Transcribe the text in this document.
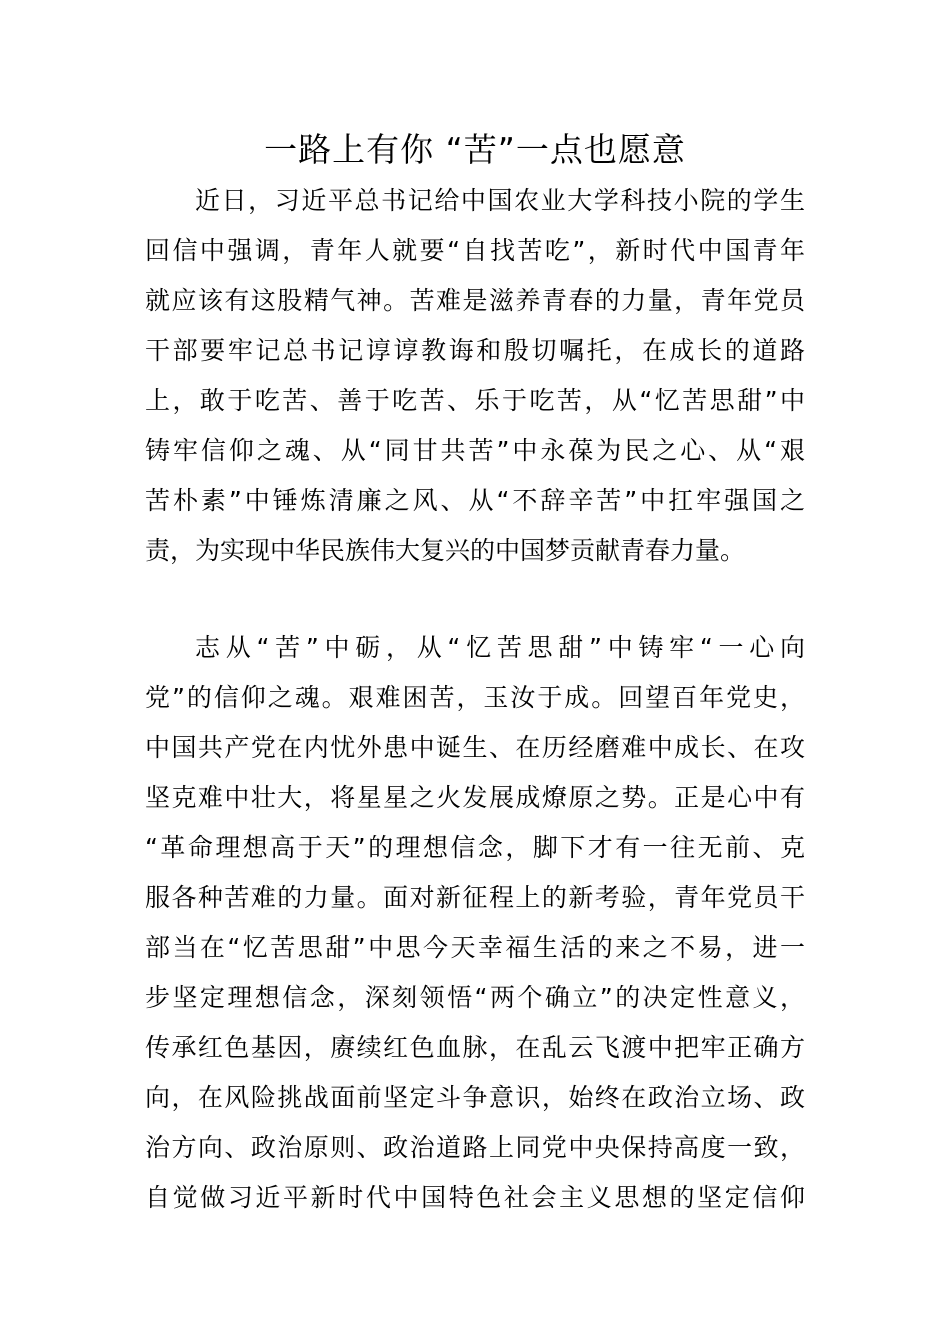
一路上有你 “苦”一点也愿意
近日，习近平总书记给中国农业大学科技小院的学生
回信中强调，青年人就要“自找苦吃”，新时代中国青年
就应该有这股精气神。苦难是滋养青春的力量，青年党员
干部要牢记总书记谆谆教诲和殷切嘱托，在成长的道路
上，敢于吃苦、善于吃苦、乐于吃苦，从“忆苦思甜”中
铸牢信仰之魂、从“同甘共苦”中永葆为民之心、从“艰
苦朴素”中锤炼清廉之风、从“不辞辛苦”中扛牢强国之
责，为实现中华民族伟大复兴的中国梦贡献青春力量。
志从“苦”中砺，从“忆苦思甜”中铸牢“一心向
党”的信仰之魂。艰难困苦，玉汝于成。回望百年党史，
中国共产党在内忧外患中诞生、在历经磨难中成长、在攻
坚克难中壮大，将星星之火发展成燎原之势。正是心中有
“革命理想高于天”的理想信念，脚下才有一往无前、克
服各种苦难的力量。面对新征程上的新考验，青年党员干
部当在“忆苦思甜”中思今天幸福生活的来之不易，进一
步坚定理想信念，深刻领悟“两个确立”的决定性意义，
传承红色基因，赓续红色血脉，在乱云飞渡中把牢正确方
向，在风险挑战面前坚定斗争意识，始终在政治立场、政
治方向、政治原则、政治道路上同党中央保持高度一致，
自觉做习近平新时代中国特色社会主义思想的坚定信仰
